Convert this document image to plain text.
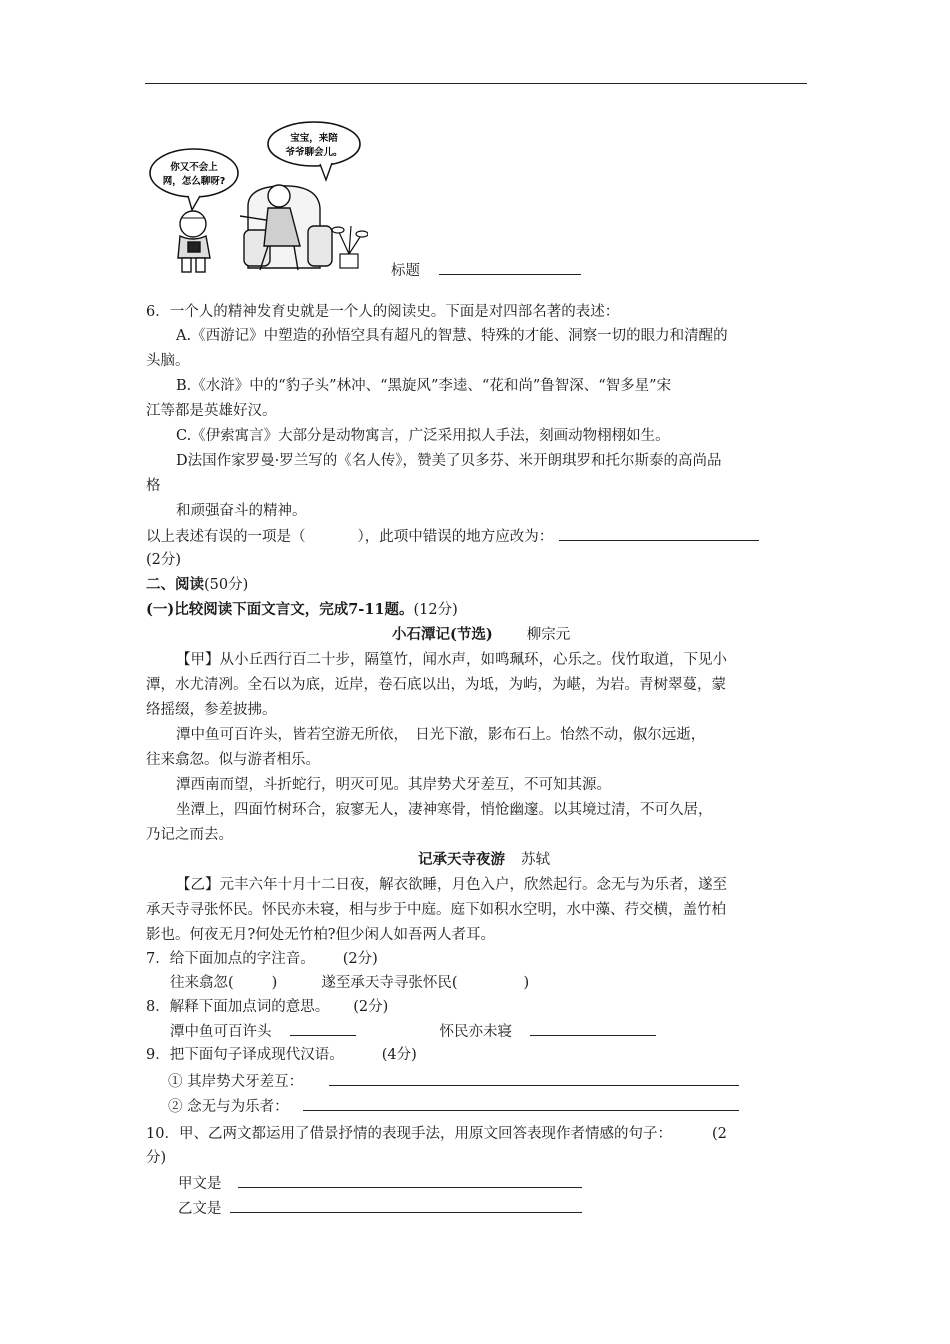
你又不会上
网，怎么聊呀?
宝宝，来陪
爷爷聊会儿。
标题
6．一个人的精神发育史就是一个人的阅读史。下面是对四部名著的表述：
A.《西游记》中塑造的孙悟空具有超凡的智慧、特殊的才能、洞察一切的眼力和清醒的
头脑。
B.《水浒》中的“豹子头”林冲、“黑旋风”李逵、“花和尚”鲁智深、“智多星”宋
江等都是英雄好汉。
C.《伊索寓言》大部分是动物寓言，广泛采用拟人手法，刻画动物栩栩如生。
D法国作家罗曼·罗兰写的《名人传》，赞美了贝多芬、米开朗琪罗和托尔斯泰的高尚品
格
和顽强奋斗的精神。
以上表述有误的一项是（	），此项中错误的地方应改为：
(2分)
二、阅读(50分)
(一)比较阅读下面文言文，完成7-11题。(12分)
小石潭记(节选) 柳宗元
【甲】从小丘西行百二十步，隔篁竹，闻水声，如鸣珮环，心乐之。伐竹取道，下见小
潭，水尤清冽。全石以为底，近岸，卷石底以出，为坻，为屿，为嵁，为岩。青树翠蔓，蒙
络摇缀，参差披拂。
潭中鱼可百许头，皆若空游无所依，　日光下澈，影布石上。怡然不动，俶尔远逝，
往来翕忽。似与游者相乐。
潭西南而望，斗折蛇行，明灭可见。其岸势犬牙差互，不可知其源。
坐潭上，四面竹树环合，寂寥无人，凄神寒骨，悄怆幽邃。以其境过清，不可久居，
乃记之而去。
记承天寺夜游 苏轼
【乙】元丰六年十月十二日夜，解衣欲睡，月色入户，欣然起行。念无与为乐者，遂至
承天寺寻张怀民。怀民亦未寝，相与步于中庭。庭下如积水空明，水中藻、荇交横，盖竹柏
影也。何夜无月?何处无竹柏?但少闲人如吾两人者耳。
7．给下面加点的字注音。 (2分)
往来翕忽(	)	遂至承天寺寻张怀民(	)
8．解释下面加点词的意思。 (2分)
潭中鱼可百许头	怀民亦未寝
9．把下面句子译成现代汉语。	(4分)
① 其岸势犬牙差互：
② 念无与为乐者：
10．甲、乙两文都运用了借景抒情的表现手法，用原文回答表现作者情感的句子：	(2
分)
甲文是
乙文是
